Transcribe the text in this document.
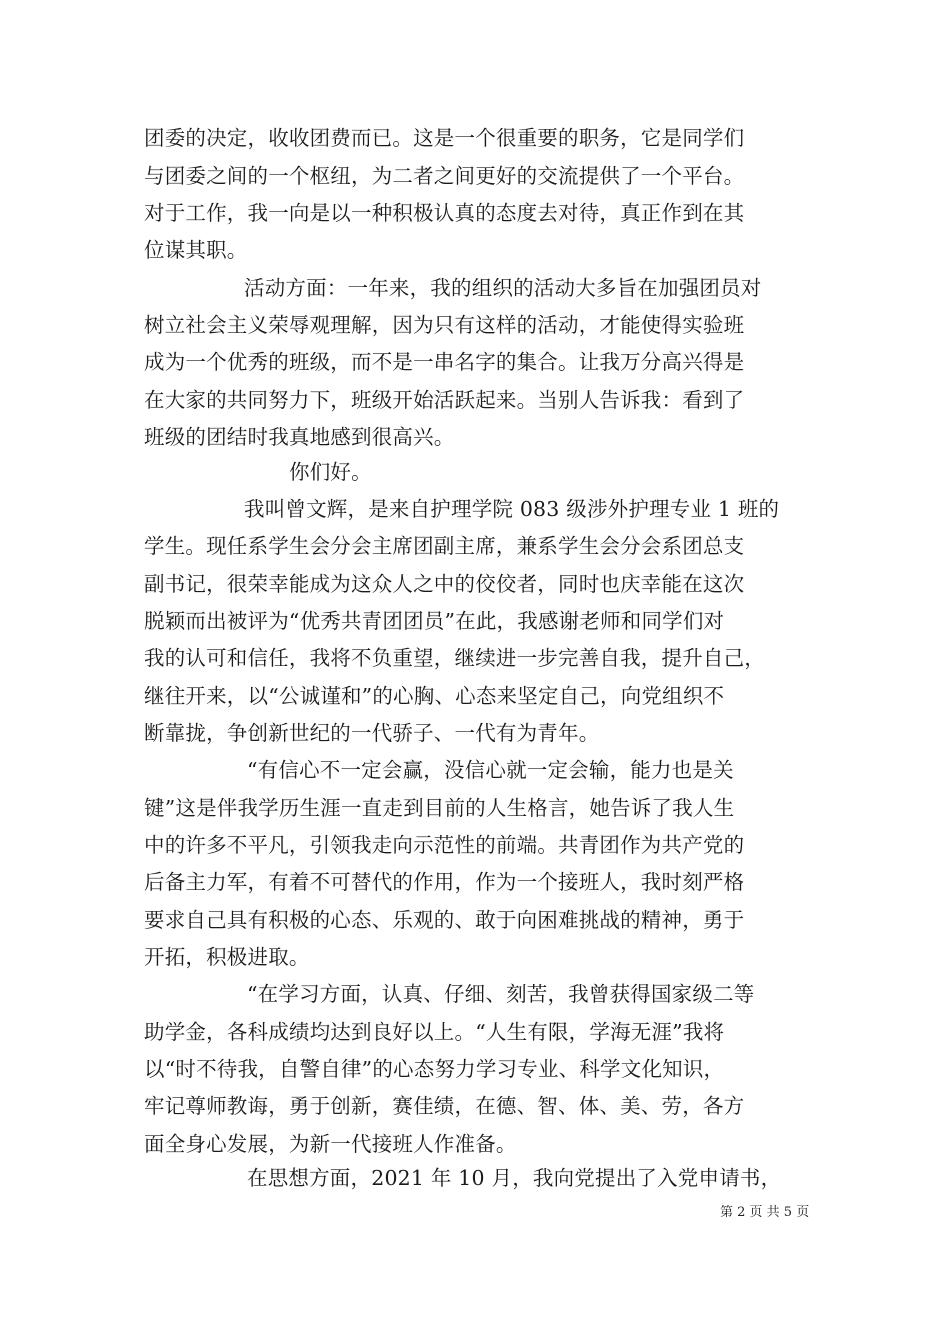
团委的决定，收收团费而已。这是一个很重要的职务，它是同学们
与团委之间的一个枢纽，为二者之间更好的交流提供了一个平台。
对于工作，我一向是以一种积极认真的态度去对待，真正作到在其
位谋其职。
活动方面：一年来，我的组织的活动大多旨在加强团员对
树立社会主义荣辱观理解，因为只有这样的活动，才能使得实验班
成为一个优秀的班级，而不是一串名字的集合。让我万分高兴得是
在大家的共同努力下，班级开始活跃起来。当别人告诉我：看到了
班级的团结时我真地感到很高兴。
你们好。
我叫曾文辉，是来自护理学院 083 级涉外护理专业 1 班的
学生。现任系学生会分会主席团副主席，兼系学生会分会系团总支
副书记，很荣幸能成为这众人之中的佼佼者，同时也庆幸能在这次
脱颖而出被评为“优秀共青团团员”在此，我感谢老师和同学们对
我的认可和信任，我将不负重望，继续进一步完善自我，提升自己，
继往开来，以“公诚谨和”的心胸、心态来坚定自己，向党组织不
断靠拢，争创新世纪的一代骄子、一代有为青年。
“有信心不一定会赢，没信心就一定会输，能力也是关
键”这是伴我学历生涯一直走到目前的人生格言，她告诉了我人生
中的许多不平凡，引领我走向示范性的前端。共青团作为共产党的
后备主力军，有着不可替代的作用，作为一个接班人，我时刻严格
要求自己具有积极的心态、乐观的、敢于向困难挑战的精神，勇于
开拓，积极进取。
“在学习方面，认真、仔细、刻苦，我曾获得国家级二等
助学金，各科成绩均达到良好以上。“人生有限，学海无涯”我将
以“时不待我，自警自律”的心态努力学习专业、科学文化知识，
牢记尊师教诲，勇于创新，赛佳绩，在德、智、体、美、劳，各方
面全身心发展，为新一代接班人作准备。
在思想方面，2021 年 10 月，我向党提出了入党申请书，
第 2 页 共 5 页
